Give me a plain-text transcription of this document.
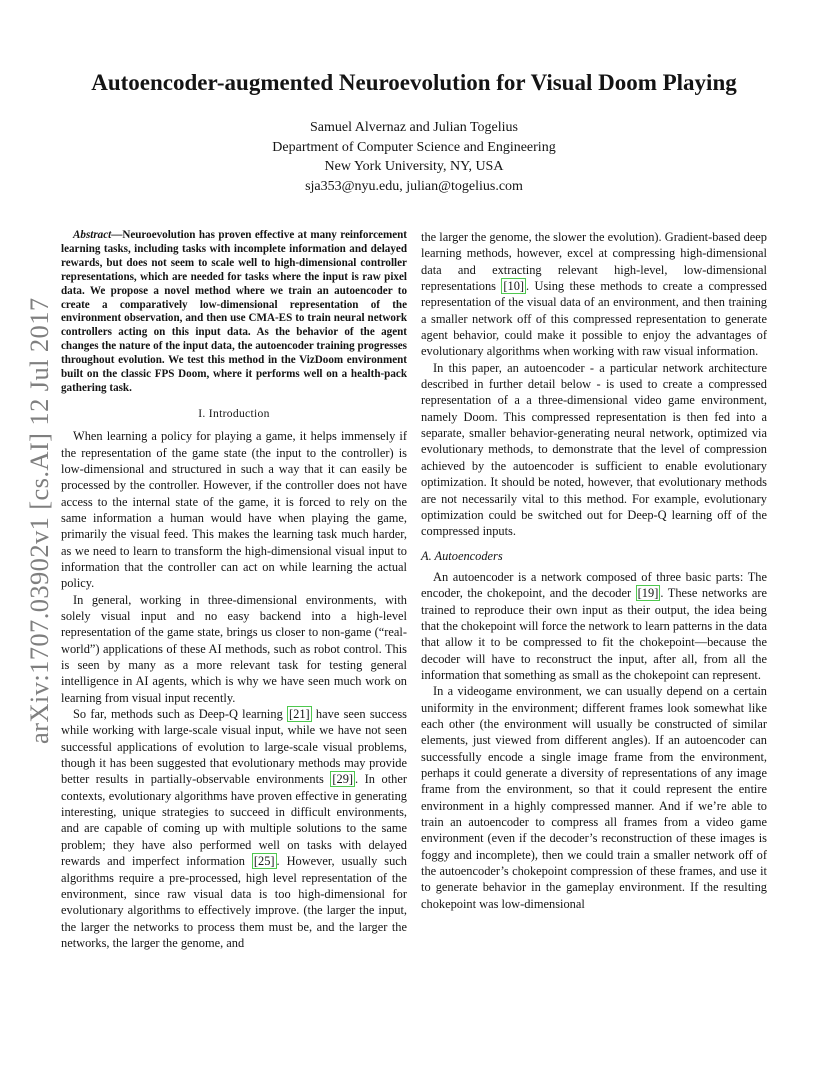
arXiv:1707.03902v1 [cs.AI] 12 Jul 2017
Autoencoder-augmented Neuroevolution for Visual Doom Playing
Samuel Alvernaz and Julian Togelius
Department of Computer Science and Engineering
New York University, NY, USA
sja353@nyu.edu, julian@togelius.com

Abstract—Neuroevolution has proven effective at many reinforcement learning tasks, including tasks with incomplete information and delayed rewards, but does not seem to scale well to high-dimensional controller representations, which are needed for tasks where the input is raw pixel data. We propose a novel method where we train an autoencoder to create a comparatively low-dimensional representation of the environment observation, and then use CMA-ES to train neural network controllers acting on this input data. As the behavior of the agent changes the nature of the input data, the autoencoder training progresses throughout evolution. We test this method in the VizDoom environment built on the classic FPS Doom, where it performs well on a health-pack gathering task.

I. Introduction

When learning a policy for playing a game, it helps immensely if the representation of the game state (the input to the controller) is low-dimensional and structured in such a way that it can easily be processed by the controller. However, if the controller does not have access to the internal state of the game, it is forced to rely on the same information a human would have when playing the game, primarily the visual feed. This makes the learning task much harder, as we need to learn to transform the high-dimensional visual input to information that the controller can act on while learning the actual policy.

In general, working in three-dimensional environments, with solely visual input and no easy backend into a high-level representation of the game state, brings us closer to non-game (“real-world”) applications of these AI methods, such as robot control. This is seen by many as a more relevant task for testing general intelligence in AI agents, which is why we have seen much work on learning from visual input recently.

So far, methods such as Deep-Q learning [21] have seen success while working with large-scale visual input, while we have not seen successful applications of evolution to large-scale visual problems, though it has been suggested that evolutionary methods may provide better results in partially-observable environments [29] . In other contexts, evolutionary algorithms have proven effective in generating interesting, unique strategies to succeed in difficult environments, and are capable of coming up with multiple solutions to the same problem; they have also performed well on tasks with delayed rewards and imperfect information [25] . However, usually such algorithms require a pre-processed, high level representation of the environment, since raw visual data is too high-dimensional for evolutionary algorithms to effectively improve. (the larger the input, the larger the networks to process them must be, and the larger the networks, the larger the genome, and

the larger the genome, the slower the evolution). Gradient-based deep learning methods, however, excel at compressing high-dimensional data and extracting relevant high-level, low-dimensional representations [10] . Using these methods to create a compressed representation of the visual data of an environment, and then training a smaller network off of this compressed representation to generate agent behavior, could make it possible to enjoy the advantages of evolutionary algorithms when working with raw visual information.

In this paper, an autoencoder - a particular network architecture described in further detail below - is used to create a compressed representation of a a three-dimensional video game environment, namely Doom. This compressed representation is then fed into a separate, smaller behavior-generating neural network, optimized via evolutionary methods, to demonstrate that the level of compression achieved by the autoencoder is sufficient to enable evolutionary optimization. It should be noted, however, that evolutionary methods are not necessarily vital to this method. For example, evolutionary optimization could be switched out for Deep-Q learning off of the compressed inputs.

A. Autoencoders

An autoencoder is a network composed of three basic parts: The encoder, the chokepoint, and the decoder [19] . These networks are trained to reproduce their own input as their output, the idea being that the chokepoint will force the network to learn patterns in the data that allow it to be compressed to fit the chokepoint—because the decoder will have to reconstruct the input, after all, from all the information that something as small as the chokepoint can represent.

In a videogame environment, we can usually depend on a certain uniformity in the environment; different frames look somewhat like each other (the environment will usually be constructed of similar elements, just viewed from different angles). If an autoencoder can successfully encode a single image frame from the environment, perhaps it could generate a diversity of representations of any image frame from the environment, so that it could represent the entire environment in a highly compressed manner. And if we’re able to train an autoencoder to compress all frames from a video game environment (even if the decoder’s reconstruction of these images is foggy and incomplete), then we could train a smaller network off of the autoencoder’s chokepoint compression of these frames, and use it to generate behavior in the gameplay environment. If the resulting chokepoint was low-dimensional
